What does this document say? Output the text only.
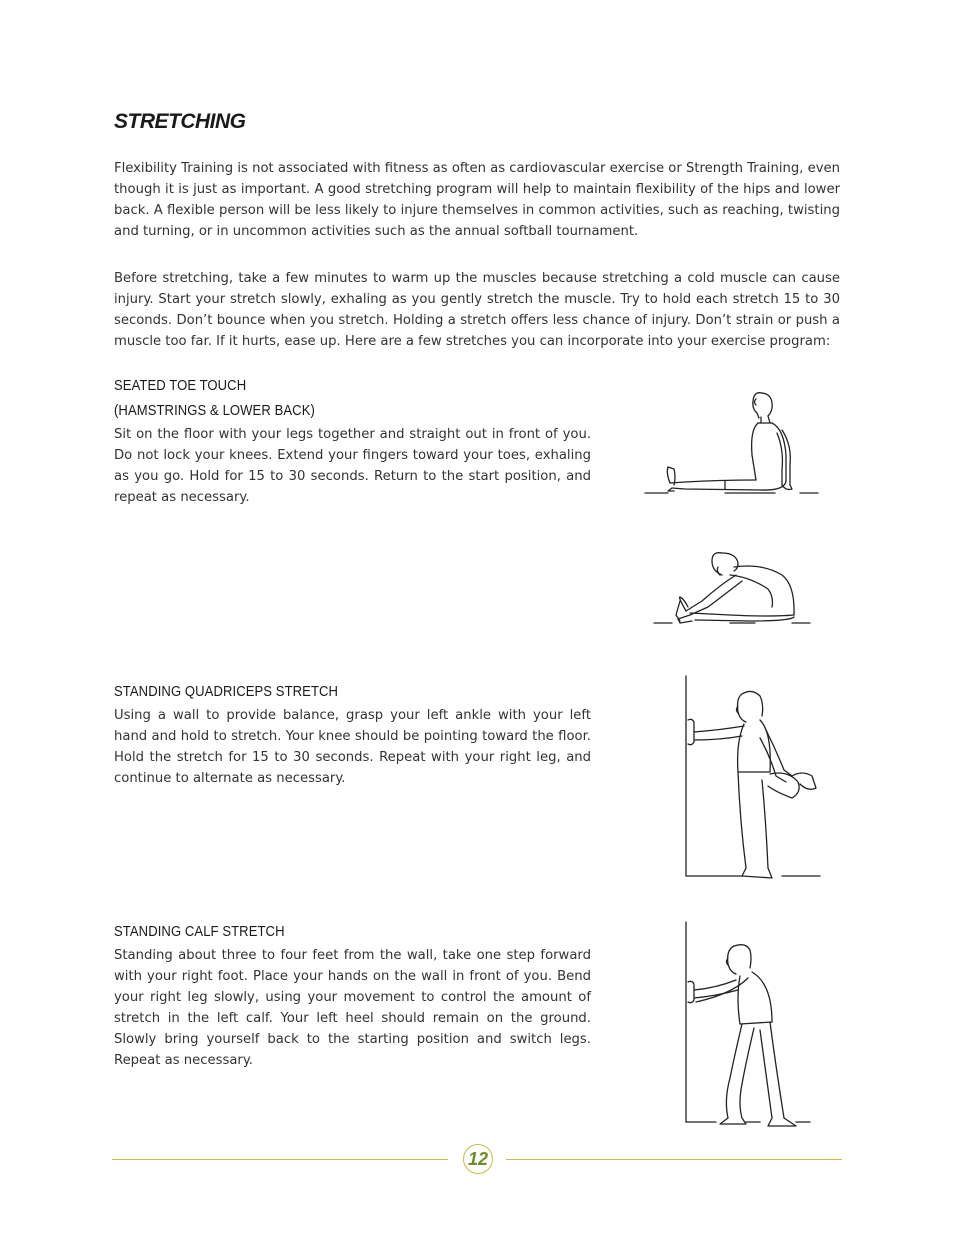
STRETCHING

Flexibility Training is not associated with fitness as often as cardiovascular exercise or Strength Training, even though it is just as important. A good stretching program will help to maintain flexibility of the hips and lower back. A flexible person will be less likely to injure themselves in common activities, such as reaching, twisting and turning, or in uncommon activities such as the annual softball tournament.

Before stretching, take a few minutes to warm up the muscles because stretching a cold muscle can cause injury. Start your stretch slowly, exhaling as you gently stretch the muscle. Try to hold each stretch 15 to 30 seconds. Don’t bounce when you stretch. Holding a stretch offers less chance of injury. Don’t strain or push a muscle too far. If it hurts, ease up. Here are a few stretches you can incorporate into your exercise program:

SEATED TOE TOUCH
(HAMSTRINGS & LOWER BACK)

Sit on the floor with your legs together and straight out in front of you. Do not lock your knees. Extend your fingers toward your toes, exhaling as you go. Hold for 15 to 30 seconds. Return to the start position, and repeat as necessary.

STANDING QUADRICEPS STRETCH

Using a wall to provide balance, grasp your left ankle with your left hand and hold to stretch. Your knee should be pointing toward the floor. Hold the stretch for 15 to 30 seconds. Repeat with your right leg, and continue to alternate as necessary.

STANDING CALF STRETCH

Standing about three to four feet from the wall, take one step forward with your right foot. Place your hands on the wall in front of you. Bend your right leg slowly, using your movement to control the amount of stretch in the left calf. Your left heel should remain on the ground. Slowly bring yourself back to the starting position and switch legs. Repeat as necessary.

12
